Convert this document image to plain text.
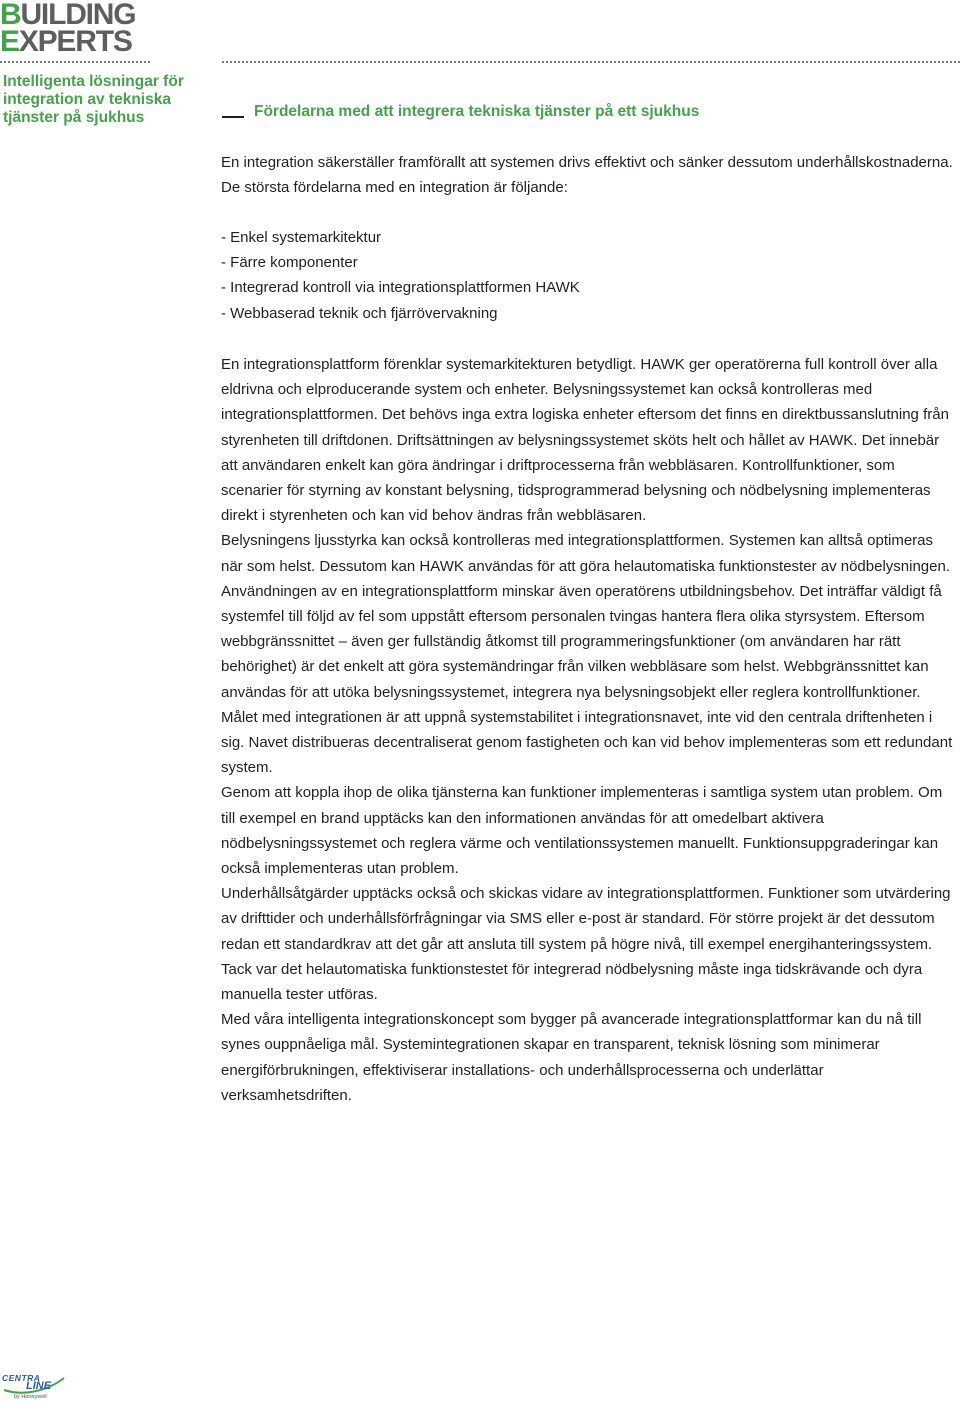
BUILDING
EXPERTS
Intelligenta lösningar för integration av tekniska tjänster på sjukhus	Fördelarna med att integrera tekniska tjänster på ett sjukhus

En integration säkerställer framförallt att systemen drivs effektivt och sänker dessutom underhållskostnaderna. De största fördelarna med en integration är följande:

- Enkel systemarkitektur
- Färre komponenter
- Integrerad kontroll via integrationsplattformen HAWK
- Webbaserad teknik och fjärrövervakning
En integrationsplattform förenklar systemarkitekturen betydligt. HAWK ger operatörerna full kontroll över alla eldrivna och elproducerande system och enheter. Belysningssystemet kan också kontrolleras med integrationsplattformen. Det behövs inga extra logiska enheter eftersom det finns en direktbussanslutning från styrenheten till driftdonen. Driftsättningen av belysningssystemet sköts helt och hållet av HAWK. Det innebär att användaren enkelt kan göra ändringar i driftprocesserna från webbläsaren. Kontrollfunktioner, som scenarier för styrning av konstant belysning, tidsprogrammerad belysning och nödbelysning implementeras direkt i styrenheten och kan vid behov ändras från webbläsaren.
Belysningens ljusstyrka kan också kontrolleras med integrationsplattformen. Systemen kan alltså optimeras när som helst. Dessutom kan HAWK användas för att göra helautomatiska funktionstester av nödbelysningen.
Användningen av en integrationsplattform minskar även operatörens utbildningsbehov. Det inträffar väldigt få systemfel till följd av fel som uppstått eftersom personalen tvingas hantera flera olika styrsystem. Eftersom webbgränssnittet – även ger fullständig åtkomst till programmeringsfunktioner (om användaren har rätt behörighet) är det enkelt att göra systemändringar från vilken webbläsare som helst. Webbgränssnittet kan användas för att utöka belysningssystemet, integrera nya belysningsobjekt eller reglera kontrollfunktioner.
Målet med integrationen är att uppnå systemstabilitet i integrationsnavet, inte vid den centrala driftenheten i sig. Navet distribueras decentraliserat genom fastigheten och kan vid behov implementeras som ett redundant system.
Genom att koppla ihop de olika tjänsterna kan funktioner implementeras i samtliga system utan problem. Om till exempel en brand upptäcks kan den informationen användas för att omedelbart aktivera nödbelysningssystemet och reglera värme och ventilationssystemen manuellt. Funktionsuppgraderingar kan också implementeras utan problem.
Underhållsåtgärder upptäcks också och skickas vidare av integrationsplattformen. Funktioner som utvärdering av drifttider och underhållsförfrågningar via SMS eller e-post är standard. För större projekt är det dessutom redan ett standardkrav att det går att ansluta till system på högre nivå, till exempel energihanteringssystem. Tack var det helautomatiska funktionstestet för integrerad nödbelysning måste inga tidskrävande och dyra manuella tester utföras.
Med våra intelligenta integrationskoncept som bygger på avancerade integrationsplattformar kan du nå till synes ouppnåeliga mål. Systemintegrationen skapar en transparent, teknisk lösning som minimerar energiförbrukningen, effektiviserar installations- och underhållsprocesserna och underlättar verksamhetsdriften.
CENTRA
LINE
by Honeywell
